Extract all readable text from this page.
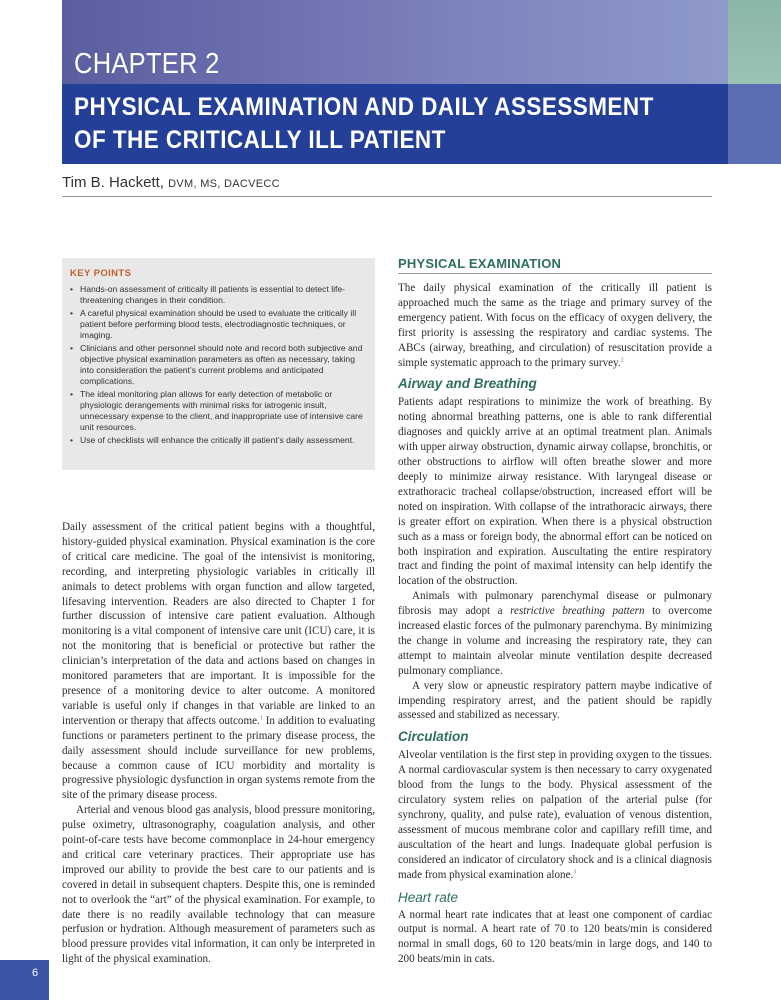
CHAPTER 2
PHYSICAL EXAMINATION AND DAILY ASSESSMENT
OF THE CRITICALLY ILL PATIENT
Tim B. Hackett, DVM, MS, DACVECC
KEY POINTS
• Hands-on assessment of critically ill patients is essential to detect life-threatening changes in their condition.
• A careful physical examination should be used to evaluate the critically ill patient before performing blood tests, electrodiagnostic techniques, or imaging.
• Clinicians and other personnel should note and record both subjective and objective physical examination parameters as often as necessary, taking into consideration the patient’s current problems and anticipated complications.
• The ideal monitoring plan allows for early detection of metabolic or physiologic derangements with minimal risks for iatrogenic insult, unnecessary expense to the client, and inappropriate use of intensive care unit resources.
• Use of checklists will enhance the critically ill patient’s daily assessment.

Daily assessment of the critical patient begins with a thoughtful, history-guided physical examination. Physical examination is the core of critical care medicine. The goal of the intensivist is monitoring, recording, and interpreting physiologic variables in critically ill animals to detect problems with organ function and allow targeted, lifesaving intervention. Readers are also directed to Chapter 1 for further discussion of intensive care patient evaluation. Although monitoring is a vital component of intensive care unit (ICU) care, it is not the monitoring that is beneficial or protective but rather the clinician’s interpretation of the data and actions based on changes in monitored parameters that are important. It is impossible for the presence of a monitoring device to alter outcome. A monitored variable is useful only if changes in that variable are linked to an intervention or therapy that affects outcome.$^1$ In addition to evaluating functions or parameters pertinent to the primary disease process, the daily assessment should include surveillance for new problems, because a common cause of ICU morbidity and mortality is progressive physiologic dysfunction in organ systems remote from the site of the primary disease process.

Arterial and venous blood gas analysis, blood pressure monitoring, pulse oximetry, ultrasonography, coagulation analysis, and other point-of-care tests have become commonplace in 24-hour emergency and critical care veterinary practices. Their appropriate use has improved our ability to provide the best care to our patients and is covered in detail in subsequent chapters. Despite this, one is reminded not to overlook the “art” of the physical examination. For example, to date there is no readily available technology that can measure perfusion or hydration. Although measurement of parameters such as blood pressure provides vital information, it can only be interpreted in light of the physical examination.

PHYSICAL EXAMINATION

The daily physical examination of the critically ill patient is approached much the same as the triage and primary survey of the emergency patient. With focus on the efficacy of oxygen delivery, the first priority is assessing the respiratory and cardiac systems. The ABCs (airway, breathing, and circulation) of resuscitation provide a simple systematic approach to the primary survey.$^2$

Airway and Breathing

Patients adapt respirations to minimize the work of breathing. By noting abnormal breathing patterns, one is able to rank differential diagnoses and quickly arrive at an optimal treatment plan. Animals with upper airway obstruction, dynamic airway collapse, bronchitis, or other obstructions to airflow will often breathe slower and more deeply to minimize airway resistance. With laryngeal disease or extrathoracic tracheal collapse/obstruction, increased effort will be noted on inspiration. With collapse of the intrathoracic airways, there is greater effort on expiration. When there is a physical obstruction such as a mass or foreign body, the abnormal effort can be noticed on both inspiration and expiration. Auscultating the entire respiratory tract and finding the point of maximal intensity can help identify the location of the obstruction.

Animals with pulmonary parenchymal disease or pulmonary fibrosis may adopt a restrictive breathing pattern to overcome increased elastic forces of the pulmonary parenchyma. By minimizing the change in volume and increasing the respiratory rate, they can attempt to maintain alveolar minute ventilation despite decreased pulmonary compliance.

A very slow or apneustic respiratory pattern maybe indicative of impending respiratory arrest, and the patient should be rapidly assessed and stabilized as necessary.

Circulation

Alveolar ventilation is the first step in providing oxygen to the tissues. A normal cardiovascular system is then necessary to carry oxygenated blood from the lungs to the body. Physical assessment of the circulatory system relies on palpation of the arterial pulse (for synchrony, quality, and pulse rate), evaluation of venous distention, assessment of mucous membrane color and capillary refill time, and auscultation of the heart and lungs. Inadequate global perfusion is considered an indicator of circulatory shock and is a clinical diagnosis made from physical examination alone.$^3$

Heart rate

A normal heart rate indicates that at least one component of cardiac output is normal. A heart rate of 70 to 120 beats/min is considered normal in small dogs, 60 to 120 beats/min in large dogs, and 140 to 200 beats/min in cats.

6
